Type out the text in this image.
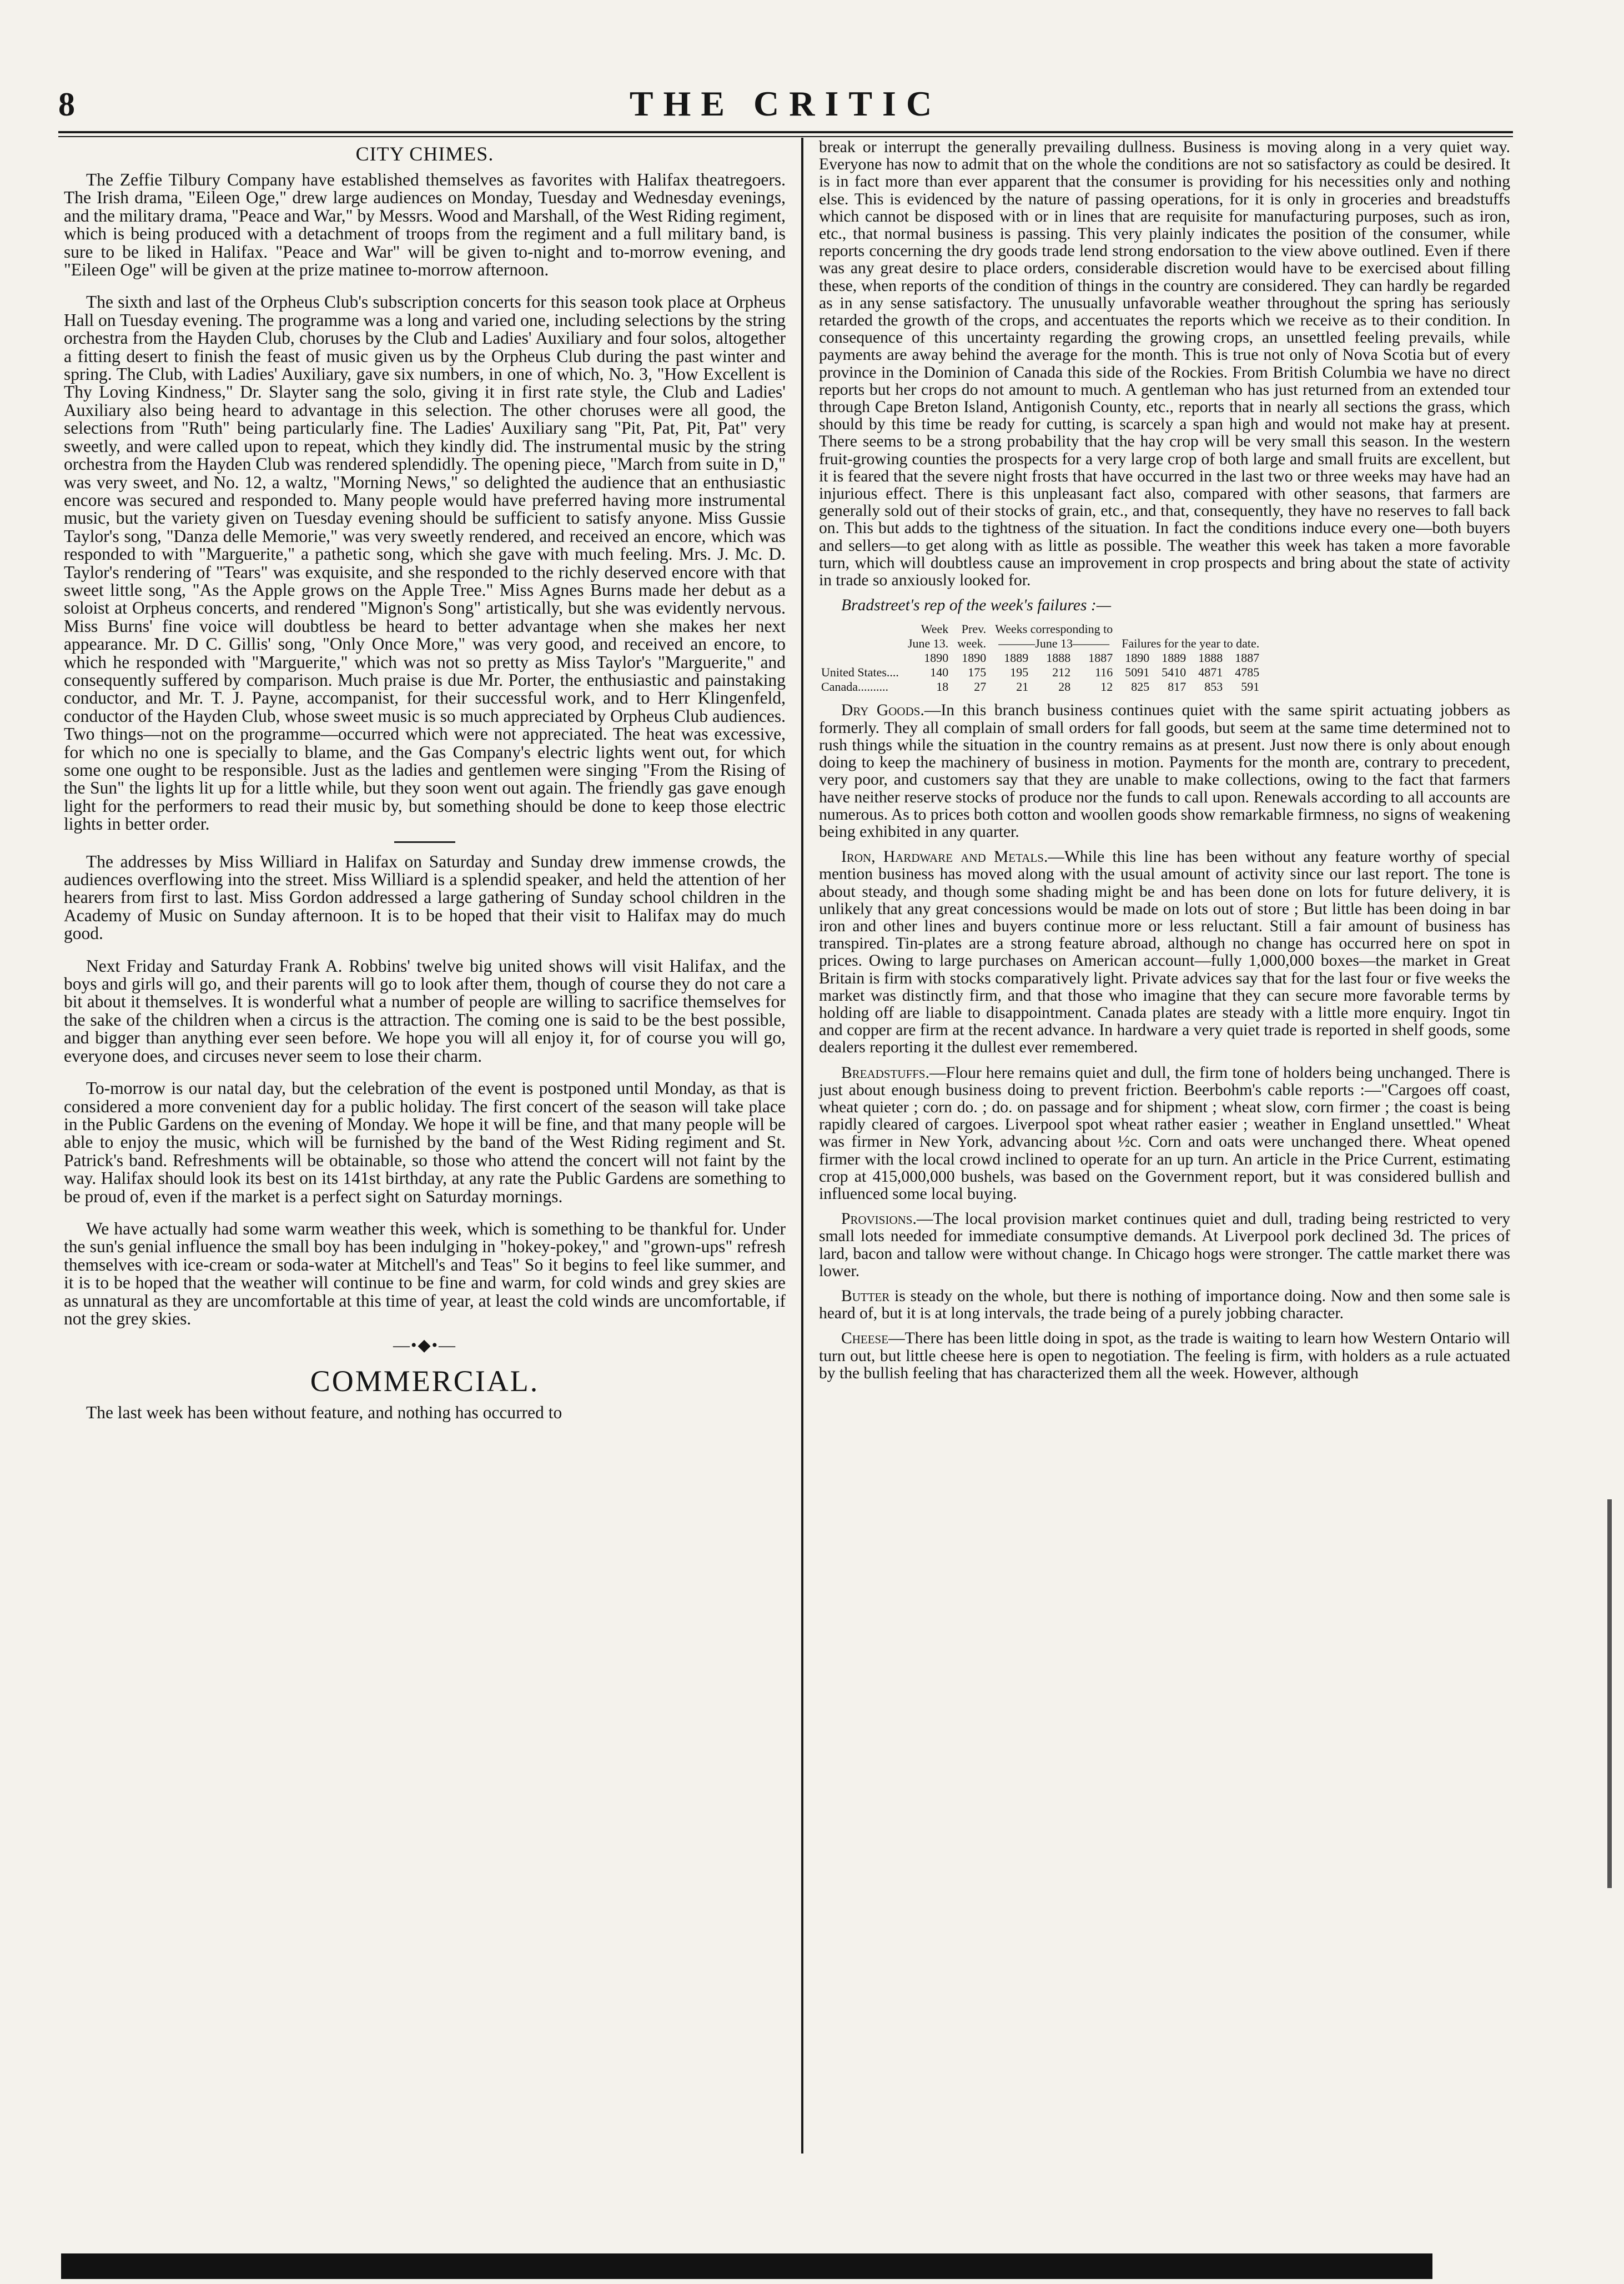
8	THE CRITIC
CITY CHIMES.

The Zeffie Tilbury Company have established themselves as favorites with Halifax theatregoers. The Irish drama, "Eileen Oge," drew large audiences on Monday, Tuesday and Wednesday evenings, and the military drama, "Peace and War," by Messrs. Wood and Marshall, of the West Riding regiment, which is being produced with a detachment of troops from the regiment and a full military band, is sure to be liked in Halifax. "Peace and War" will be given to-night and to-morrow evening, and "Eileen Oge" will be given at the prize matinee to-morrow afternoon.

The sixth and last of the Orpheus Club's subscription concerts for this season took place at Orpheus Hall on Tuesday evening. The programme was a long and varied one, including selections by the string orchestra from the Hayden Club, choruses by the Club and Ladies' Auxiliary and four solos, altogether a fitting desert to finish the feast of music given us by the Orpheus Club during the past winter and spring. The Club, with Ladies' Auxiliary, gave six numbers, in one of which, No. 3, "How Excellent is Thy Loving Kindness," Dr. Slayter sang the solo, giving it in first rate style, the Club and Ladies' Auxiliary also being heard to advantage in this selection. The other choruses were all good, the selections from "Ruth" being particularly fine. The Ladies' Auxiliary sang "Pit, Pat, Pit, Pat" very sweetly, and were called upon to repeat, which they kindly did. The instrumental music by the string orchestra from the Hayden Club was rendered splendidly. The opening piece, "March from suite in D," was very sweet, and No. 12, a waltz, "Morning News," so delighted the audience that an enthusiastic encore was secured and responded to. Many people would have preferred having more instrumental music, but the variety given on Tuesday evening should be sufficient to satisfy anyone. Miss Gussie Taylor's song, "Danza delle Memorie," was very sweetly rendered, and received an encore, which was responded to with "Marguerite," a pathetic song, which she gave with much feeling. Mrs. J. Mc. D. Taylor's rendering of "Tears" was exquisite, and she responded to the richly deserved encore with that sweet little song, "As the Apple grows on the Apple Tree." Miss Agnes Burns made her debut as a soloist at Orpheus concerts, and rendered "Mignon's Song" artistically, but she was evidently nervous. Miss Burns' fine voice will doubtless be heard to better advantage when she makes her next appearance. Mr. D C. Gillis' song, "Only Once More," was very good, and received an encore, to which he responded with "Marguerite," which was not so pretty as Miss Taylor's "Marguerite," and consequently suffered by comparison. Much praise is due Mr. Porter, the enthusiastic and painstaking conductor, and Mr. T. J. Payne, accompanist, for their successful work, and to Herr Klingenfeld, conductor of the Hayden Club, whose sweet music is so much appreciated by Orpheus Club audiences. Two things—not on the programme—occurred which were not appreciated. The heat was excessive, for which no one is specially to blame, and the Gas Company's electric lights went out, for which some one ought to be responsible. Just as the ladies and gentlemen were singing "From the Rising of the Sun" the lights lit up for a little while, but they soon went out again. The friendly gas gave enough light for the performers to read their music by, but something should be done to keep those electric lights in better order.

The addresses by Miss Williard in Halifax on Saturday and Sunday drew immense crowds, the audiences overflowing into the street. Miss Williard is a splendid speaker, and held the attention of her hearers from first to last. Miss Gordon addressed a large gathering of Sunday school children in the Academy of Music on Sunday afternoon. It is to be hoped that their visit to Halifax may do much good.

Next Friday and Saturday Frank A. Robbins' twelve big united shows will visit Halifax, and the boys and girls will go, and their parents will go to look after them, though of course they do not care a bit about it themselves. It is wonderful what a number of people are willing to sacrifice themselves for the sake of the children when a circus is the attraction. The coming one is said to be the best possible, and bigger than anything ever seen before. We hope you will all enjoy it, for of course you will go, everyone does, and circuses never seem to lose their charm.

To-morrow is our natal day, but the celebration of the event is postponed until Monday, as that is considered a more convenient day for a public holiday. The first concert of the season will take place in the Public Gardens on the evening of Monday. We hope it will be fine, and that many people will be able to enjoy the music, which will be furnished by the band of the West Riding regiment and St. Patrick's band. Refreshments will be obtainable, so those who attend the concert will not faint by the way. Halifax should look its best on its 141st birthday, at any rate the Public Gardens are something to be proud of, even if the market is a perfect sight on Saturday mornings.

We have actually had some warm weather this week, which is something to be thankful for. Under the sun's genial influence the small boy has been indulging in "hokey-pokey," and "grown-ups" refresh themselves with ice-cream or soda-water at Mitchell's and Teas" So it begins to feel like summer, and it is to be hoped that the weather will continue to be fine and warm, for cold winds and grey skies are as unnatural as they are uncomfortable at this time of year, at least the cold winds are uncomfortable, if not the grey skies.

—•◆•—
COMMERCIAL.

The last week has been without feature, and nothing has occurred to

break or interrupt the generally prevailing dullness. Business is moving along in a very quiet way. Everyone has now to admit that on the whole the conditions are not so satisfactory as could be desired. It is in fact more than ever apparent that the consumer is providing for his necessities only and nothing else. This is evidenced by the nature of passing operations, for it is only in groceries and breadstuffs which cannot be disposed with or in lines that are requisite for manufacturing purposes, such as iron, etc., that normal business is passing. This very plainly indicates the position of the consumer, while reports concerning the dry goods trade lend strong endorsation to the view above outlined. Even if there was any great desire to place orders, considerable discretion would have to be exercised about filling these, when reports of the condition of things in the country are considered. They can hardly be regarded as in any sense satisfactory. The unusually unfavorable weather throughout the spring has seriously retarded the growth of the crops, and accentuates the reports which we receive as to their condition. In consequence of this uncertainty regarding the growing crops, an unsettled feeling prevails, while payments are away behind the average for the month. This is true not only of Nova Scotia but of every province in the Dominion of Canada this side of the Rockies. From British Columbia we have no direct reports but her crops do not amount to much. A gentleman who has just returned from an extended tour through Cape Breton Island, Antigonish County, etc., reports that in nearly all sections the grass, which should by this time be ready for cutting, is scarcely a span high and would not make hay at present. There seems to be a strong probability that the hay crop will be very small this season. In the western fruit-growing counties the prospects for a very large crop of both large and small fruits are excellent, but it is feared that the severe night frosts that have occurred in the last two or three weeks may have had an injurious effect. There is this unpleasant fact also, compared with other seasons, that farmers are generally sold out of their stocks of grain, etc., and that, consequently, they have no reserves to fall back on. This but adds to the tightness of the situation. In fact the conditions induce every one—both buyers and sellers—to get along with as little as possible. The weather this week has taken a more favorable turn, which will doubtless cause an improvement in crop prospects and bring about the state of activity in trade so anxiously looked for.

Bradstreet's rep of the week's failures :—

	Week	Prev.	Weeks corresponding to						
	June 13.	week.	———June 13———			Failures for the year to date.			
	1890	1890	1889	1888	1887	1890	1889	1888	1887
United States....	140	175	195	212	116	5091	5410	4871	4785
Canada..........	18	27	21	28	12	825	817	853	591

Dry Goods.—In this branch business continues quiet with the same spirit actuating jobbers as formerly. They all complain of small orders for fall goods, but seem at the same time determined not to rush things while the situation in the country remains as at present. Just now there is only about enough doing to keep the machinery of business in motion. Payments for the month are, contrary to precedent, very poor, and customers say that they are unable to make collections, owing to the fact that farmers have neither reserve stocks of produce nor the funds to call upon. Renewals according to all accounts are numerous. As to prices both cotton and woollen goods show remarkable firmness, no signs of weakening being exhibited in any quarter.

Iron, Hardware and Metals.—While this line has been without any feature worthy of special mention business has moved along with the usual amount of activity since our last report. The tone is about steady, and though some shading might be and has been done on lots for future delivery, it is unlikely that any great concessions would be made on lots out of store ; But little has been doing in bar iron and other lines and buyers continue more or less reluctant. Still a fair amount of business has transpired. Tin-plates are a strong feature abroad, although no change has occurred here on spot in prices. Owing to large purchases on American account—fully 1,000,000 boxes—the market in Great Britain is firm with stocks comparatively light. Private advices say that for the last four or five weeks the market was distinctly firm, and that those who imagine that they can secure more favorable terms by holding off are liable to disappointment. Canada plates are steady with a little more enquiry. Ingot tin and copper are firm at the recent advance. In hardware a very quiet trade is reported in shelf goods, some dealers reporting it the dullest ever remembered.

Breadstuffs.—Flour here remains quiet and dull, the firm tone of holders being unchanged. There is just about enough business doing to prevent friction. Beerbohm's cable reports :—"Cargoes off coast, wheat quieter ; corn do. ; do. on passage and for shipment ; wheat slow, corn firmer ; the coast is being rapidly cleared of cargoes. Liverpool spot wheat rather easier ; weather in England unsettled." Wheat was firmer in New York, advancing about ½c. Corn and oats were unchanged there. Wheat opened firmer with the local crowd inclined to operate for an up turn. An article in the Price Current, estimating crop at 415,000,000 bushels, was based on the Government report, but it was considered bullish and influenced some local buying.

Provisions.—The local provision market continues quiet and dull, trading being restricted to very small lots needed for immediate consumptive demands. At Liverpool pork declined 3d. The prices of lard, bacon and tallow were without change. In Chicago hogs were stronger. The cattle market there was lower.

Butter is steady on the whole, but there is nothing of importance doing. Now and then some sale is heard of, but it is at long intervals, the trade being of a purely jobbing character.

Cheese—There has been little doing in spot, as the trade is waiting to learn how Western Ontario will turn out, but little cheese here is open to negotiation. The feeling is firm, with holders as a rule actuated by the bullish feeling that has characterized them all the week. However, although
